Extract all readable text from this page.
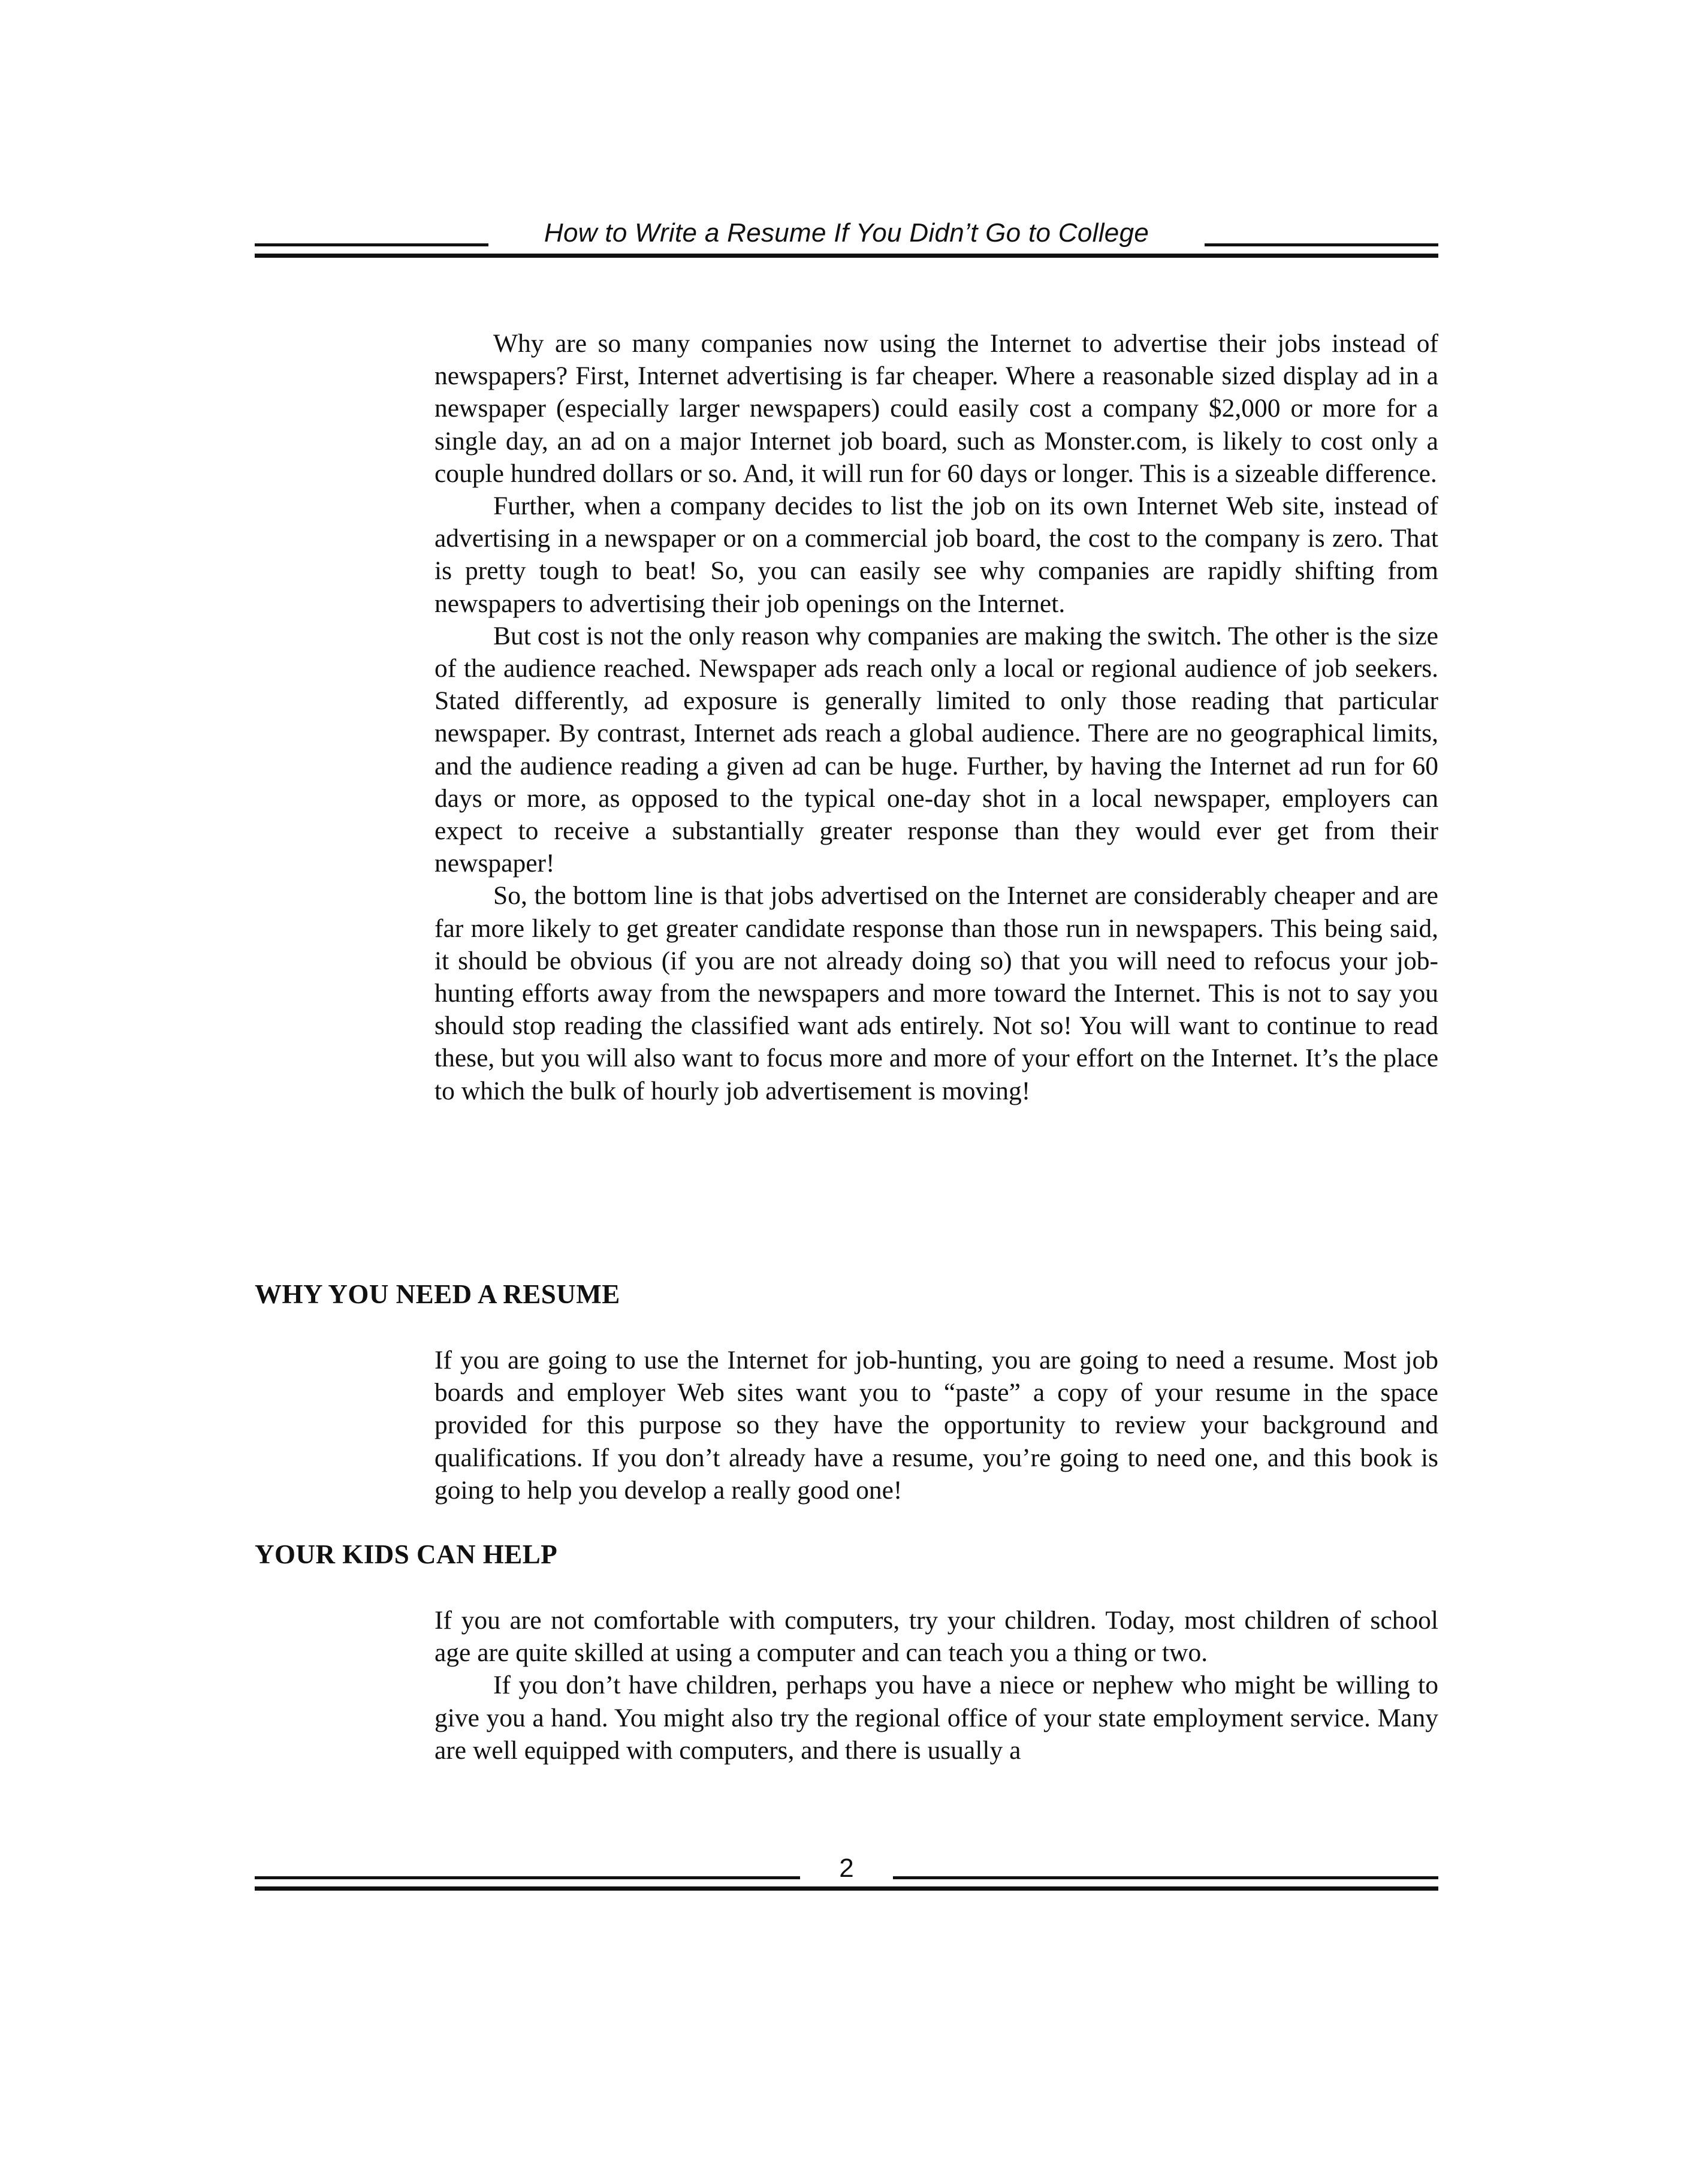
How to Write a Resume If You Didn’t Go to College

Why are so many companies now using the Internet to advertise their jobs instead of newspapers? First, Internet advertising is far cheaper. Where a reasonable sized display ad in a newspaper (especially larger newspapers) could easily cost a company $2,000 or more for a single day, an ad on a major Internet job board, such as Monster.com, is likely to cost only a couple hundred dollars or so. And, it will run for 60 days or longer. This is a sizeable difference.

Further, when a company decides to list the job on its own Internet Web site, instead of advertising in a newspaper or on a commercial job board, the cost to the company is zero. That is pretty tough to beat! So, you can easily see why companies are rapidly shifting from newspapers to advertising their job openings on the Internet.

But cost is not the only reason why companies are making the switch. The other is the size of the audience reached. Newspaper ads reach only a local or regional audience of job seekers. Stated differently, ad exposure is generally limited to only those reading that particular newspaper. By contrast, Internet ads reach a global audience. There are no geographical limits, and the audience reading a given ad can be huge. Further, by having the Internet ad run for 60 days or more, as opposed to the typical one-day shot in a local newspaper, employers can expect to receive a substantially greater response than they would ever get from their newspaper!

So, the bottom line is that jobs advertised on the Internet are considerably cheaper and are far more likely to get greater candidate response than those run in newspapers. This being said, it should be obvious (if you are not already doing so) that you will need to refocus your job-hunting efforts away from the newspapers and more toward the Internet. This is not to say you should stop reading the classified want ads entirely. Not so! You will want to continue to read these, but you will also want to focus more and more of your effort on the Internet. It’s the place to which the bulk of hourly job advertisement is moving!

WHY YOU NEED A RESUME

If you are going to use the Internet for job-hunting, you are going to need a resume. Most job boards and employer Web sites want you to “paste” a copy of your resume in the space provided for this purpose so they have the opportunity to review your background and qualifications. If you don’t already have a resume, you’re going to need one, and this book is going to help you develop a really good one!

YOUR KIDS CAN HELP

If you are not comfortable with computers, try your children. Today, most children of school age are quite skilled at using a computer and can teach you a thing or two.

If you don’t have children, perhaps you have a niece or nephew who might be willing to give you a hand. You might also try the regional office of your state employment service. Many are well equipped with computers, and there is usually a

2
